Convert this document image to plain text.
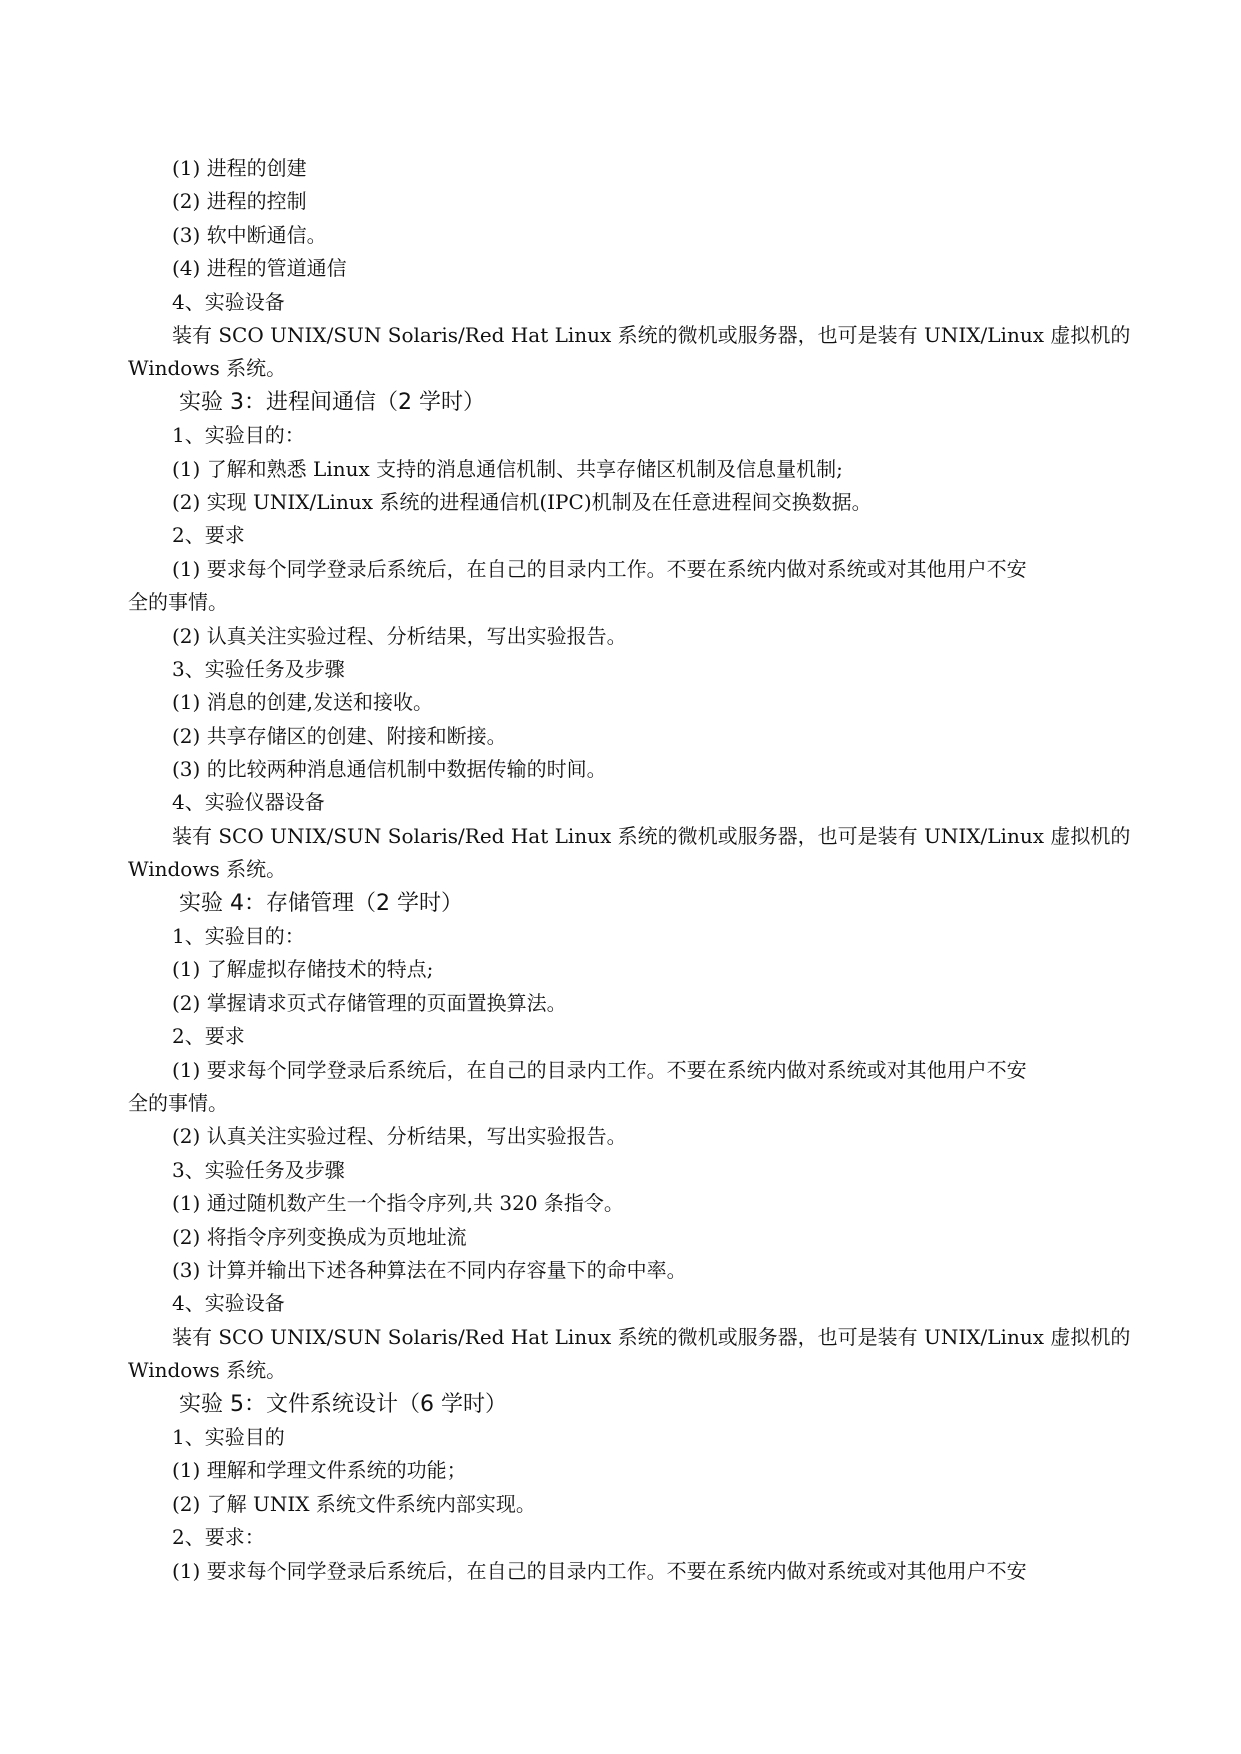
(1) 进程的创建
(2) 进程的控制
(3) 软中断通信。
(4) 进程的管道通信
4、实验设备
装有 SCO UNIX/SUN Solaris/Red Hat Linux 系统的微机或服务器，也可是装有 UNIX/Linux 虚拟机的
Windows 系统。
实验 3：进程间通信（2 学时）
1、实验目的：
(1) 了解和熟悉 Linux 支持的消息通信机制、共享存储区机制及信息量机制;
(2) 实现 UNIX/Linux 系统的进程通信机(IPC)机制及在任意进程间交换数据。
2、要求
(1) 要求每个同学登录后系统后，在自己的目录内工作。不要在系统内做对系统或对其他用户不安
全的事情。
(2) 认真关注实验过程、分析结果，写出实验报告。
3、实验任务及步骤
(1) 消息的创建,发送和接收。
(2) 共享存储区的创建、附接和断接。
(3) 的比较两种消息通信机制中数据传输的时间。
4、实验仪器设备
装有 SCO UNIX/SUN Solaris/Red Hat Linux 系统的微机或服务器，也可是装有 UNIX/Linux 虚拟机的
Windows 系统。
实验 4：存储管理（2 学时）
1、实验目的：
(1) 了解虚拟存储技术的特点;
(2) 掌握请求页式存储管理的页面置换算法。
2、要求
(1) 要求每个同学登录后系统后，在自己的目录内工作。不要在系统内做对系统或对其他用户不安
全的事情。
(2) 认真关注实验过程、分析结果，写出实验报告。
3、实验任务及步骤
(1) 通过随机数产生一个指令序列,共 320 条指令。
(2) 将指令序列变换成为页地址流
(3) 计算并输出下述各种算法在不同内存容量下的命中率。
4、实验设备
装有 SCO UNIX/SUN Solaris/Red Hat Linux 系统的微机或服务器，也可是装有 UNIX/Linux 虚拟机的
Windows 系统。
实验 5：文件系统设计（6 学时）
1、实验目的
(1) 理解和学理文件系统的功能；
(2) 了解 UNIX 系统文件系统内部实现。
2、要求：
(1) 要求每个同学登录后系统后，在自己的目录内工作。不要在系统内做对系统或对其他用户不安
